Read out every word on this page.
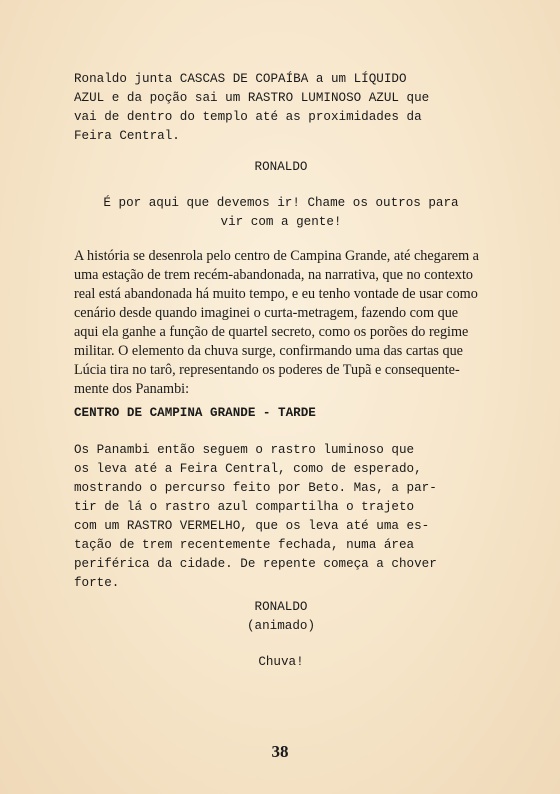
Ronaldo junta CASCAS DE COPAÍBA a um LÍQUIDO

AZUL e da poção sai um RASTRO LUMINOSO AZUL que

vai de dentro do templo até as proximidades da

Feira Central.

RONALDO

É por aqui que devemos ir! Chame os outros para

vir com a gente!

A história se desenrola pelo centro de Campina Grande, até chegarem a

uma estação de trem recém-abandonada, na narrativa, que no contexto

real está abandonada há muito tempo, e eu tenho vontade de usar como

cenário desde quando imaginei o curta-metragem, fazendo com que

aqui ela ganhe a função de quartel secreto, como os porões do regime

militar. O elemento da chuva surge, confirmando uma das cartas que

Lúcia tira no tarô, representando os poderes de Tupã e consequente-

mente dos Panambi:

CENTRO DE CAMPINA GRANDE - TARDE

Os Panambi então seguem o rastro luminoso que

os leva até a Feira Central, como de esperado,

mostrando o percurso feito por Beto. Mas, a par-

tir de lá o rastro azul compartilha o trajeto

com um RASTRO VERMELHO, que os leva até uma es-

tação de trem recentemente fechada, numa área

periférica da cidade. De repente começa a chover

forte.

RONALDO

(animado)

Chuva!

38
